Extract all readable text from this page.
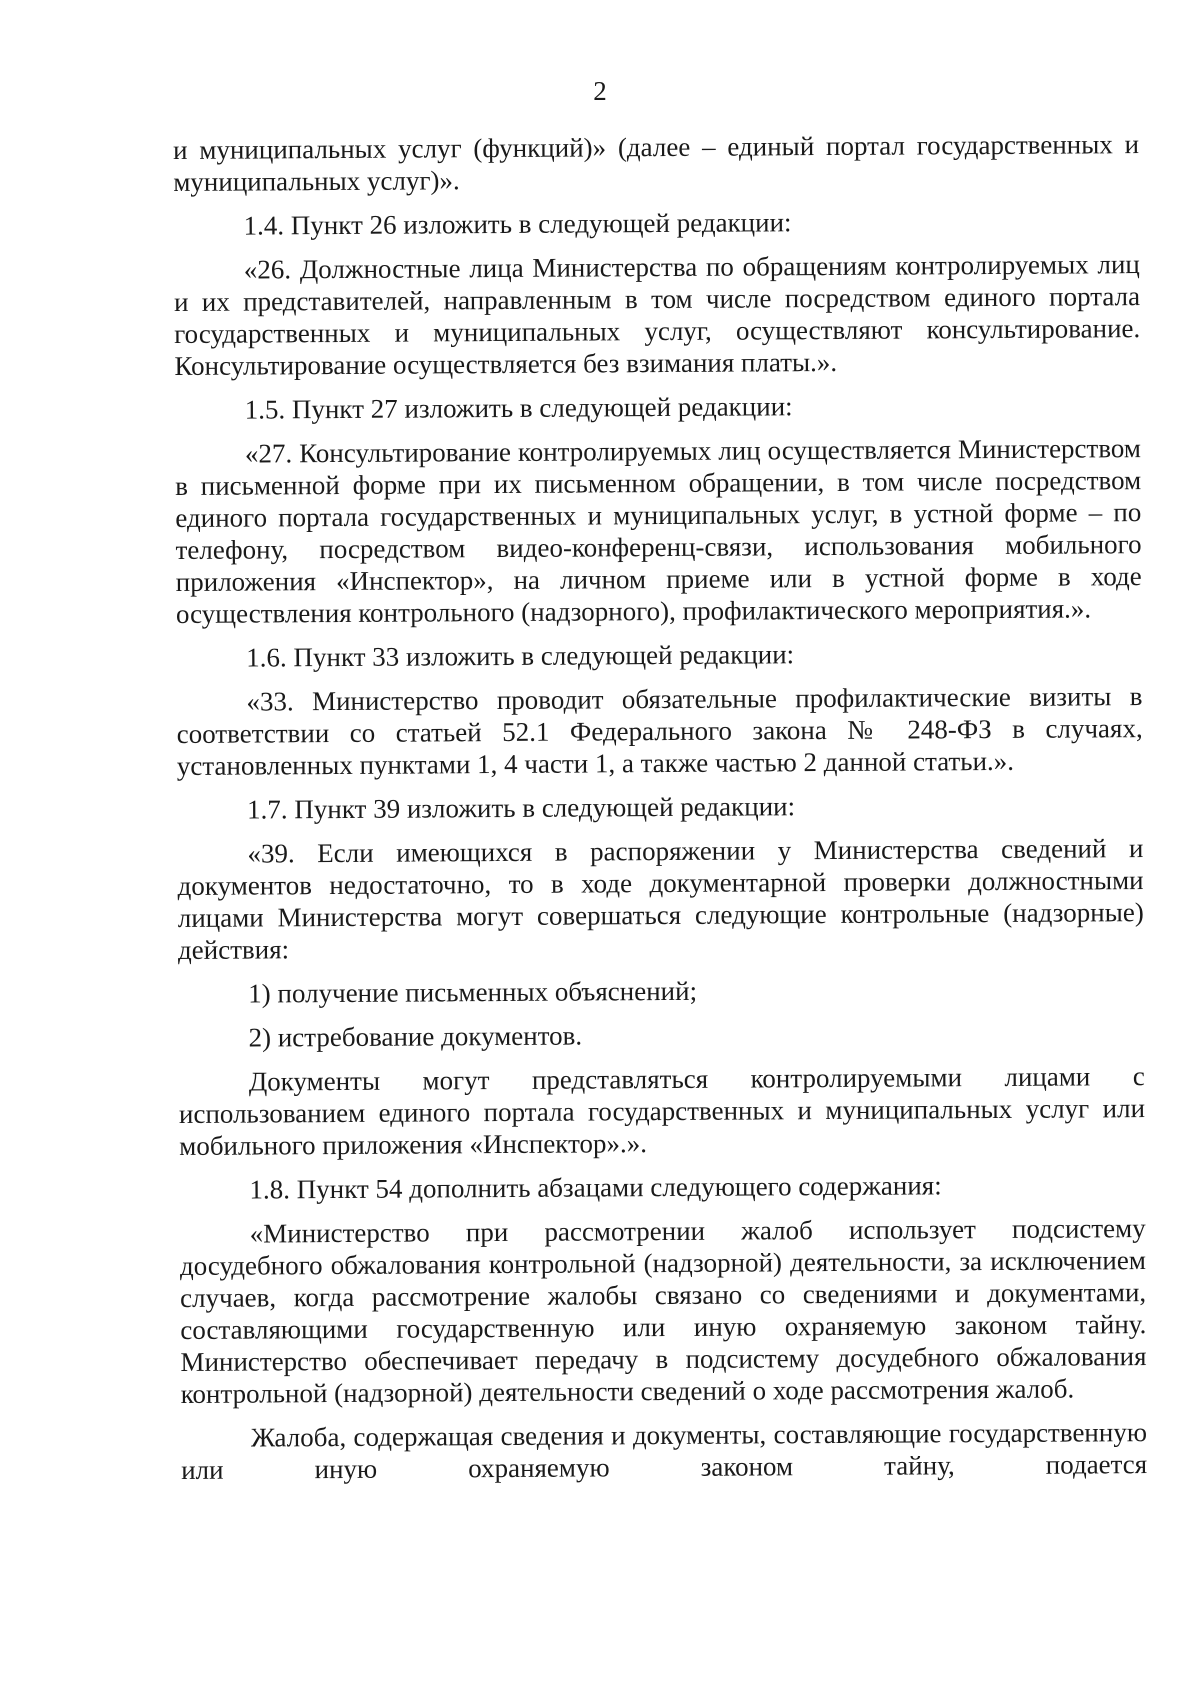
2

и муниципальных услуг (функций)» (далее – единый портал государственных и муниципальных услуг)».

1.4. Пункт 26 изложить в следующей редакции:

«26. Должностные лица Министерства по обращениям контролируемых лиц и их представителей, направленным в том числе посредством единого портала государственных и муниципальных услуг, осуществляют консультирование. Консультирование осуществляется без взимания платы.».

1.5. Пункт 27 изложить в следующей редакции:

«27. Консультирование контролируемых лиц осуществляется Министерством в письменной форме при их письменном обращении, в том числе посредством единого портала государственных и муниципальных услуг, в устной форме – по телефону, посредством видео-конференц-связи, использования мобильного приложения «Инспектор», на личном приеме или в устной форме в ходе осуществления контрольного (надзорного), профилактического мероприятия.».

1.6. Пункт 33 изложить в следующей редакции:

«33. Министерство проводит обязательные профилактические визиты в соответствии со статьей 52.1 Федерального закона № 248-ФЗ в случаях, установленных пунктами 1, 4 части 1, а также частью 2 данной статьи.».

1.7. Пункт 39 изложить в следующей редакции:

«39. Если имеющихся в распоряжении у Министерства сведений и документов недостаточно, то в ходе документарной проверки должностными лицами Министерства могут совершаться следующие контрольные (надзорные) действия:

1) получение письменных объяснений;

2) истребование документов.

Документы могут представляться контролируемыми лицами с использованием единого портала государственных и муниципальных услуг или мобильного приложения «Инспектор».».

1.8. Пункт 54 дополнить абзацами следующего содержания:

«Министерство при рассмотрении жалоб использует подсистему досудебного обжалования контрольной (надзорной) деятельности, за исключением случаев, когда рассмотрение жалобы связано со сведениями и документами, составляющими государственную или иную охраняемую законом тайну. Министерство обеспечивает передачу в подсистему досудебного обжалования контрольной (надзорной) деятельности сведений о ходе рассмотрения жалоб.

Жалоба, содержащая сведения и документы, составляющие государственную или иную охраняемую законом тайну, подается
